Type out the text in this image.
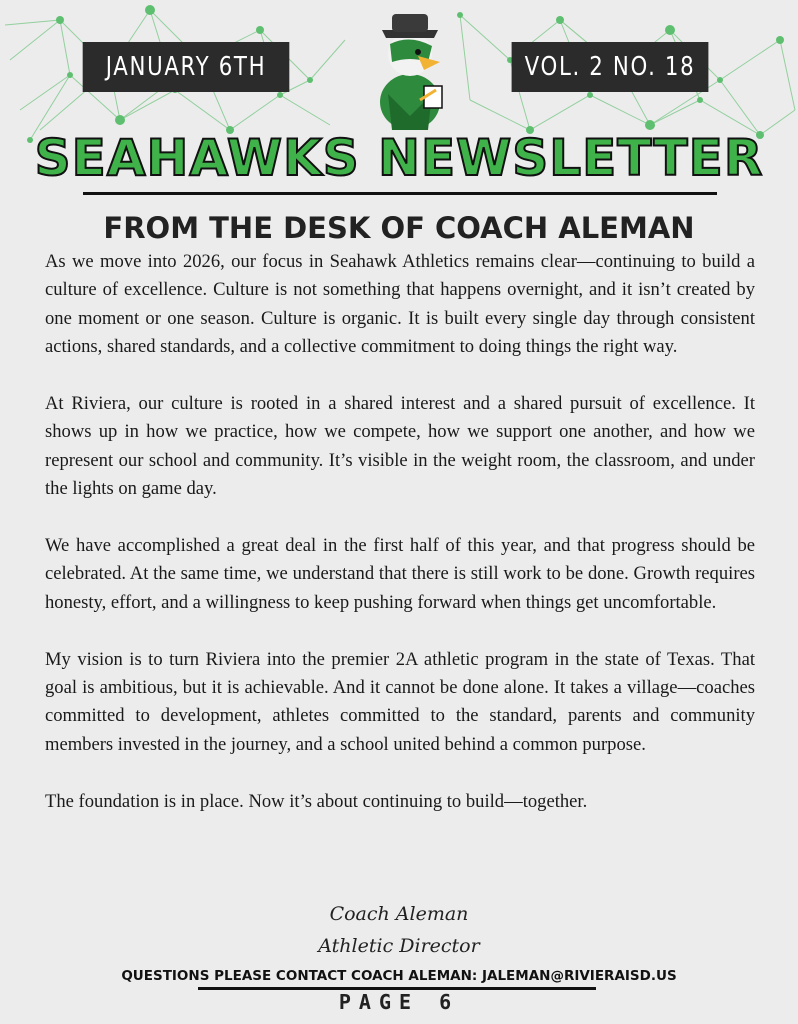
JANUARY 6TH	VOL. 2 NO. 18
SEAHAWKS NEWSLETTER
FROM THE DESK OF COACH ALEMAN

As we move into 2026, our focus in Seahawk Athletics remains clear—continuing to build a culture of excellence. Culture is not something that happens overnight, and it isn’t created by one moment or one season. Culture is organic. It is built every single day through consistent actions, shared standards, and a collective commitment to doing things the right way.

At Riviera, our culture is rooted in a shared interest and a shared pursuit of excellence. It shows up in how we practice, how we compete, how we support one another, and how we represent our school and community. It’s visible in the weight room, the classroom, and under the lights on game day.

We have accomplished a great deal in the first half of this year, and that progress should be celebrated. At the same time, we understand that there is still work to be done. Growth requires honesty, effort, and a willingness to keep pushing forward when things get uncomfortable.

My vision is to turn Riviera into the premier 2A athletic program in the state of Texas. That goal is ambitious, but it is achievable. And it cannot be done alone. It takes a village—coaches committed to development, athletes committed to the standard, parents and community members invested in the journey, and a school united behind a common purpose.

The foundation is in place. Now it’s about continuing to build—together.

Coach Aleman
Athletic Director
QUESTIONS PLEASE CONTACT COACH ALEMAN: JALEMAN@RIVIERAISD.US
PAGE 6
